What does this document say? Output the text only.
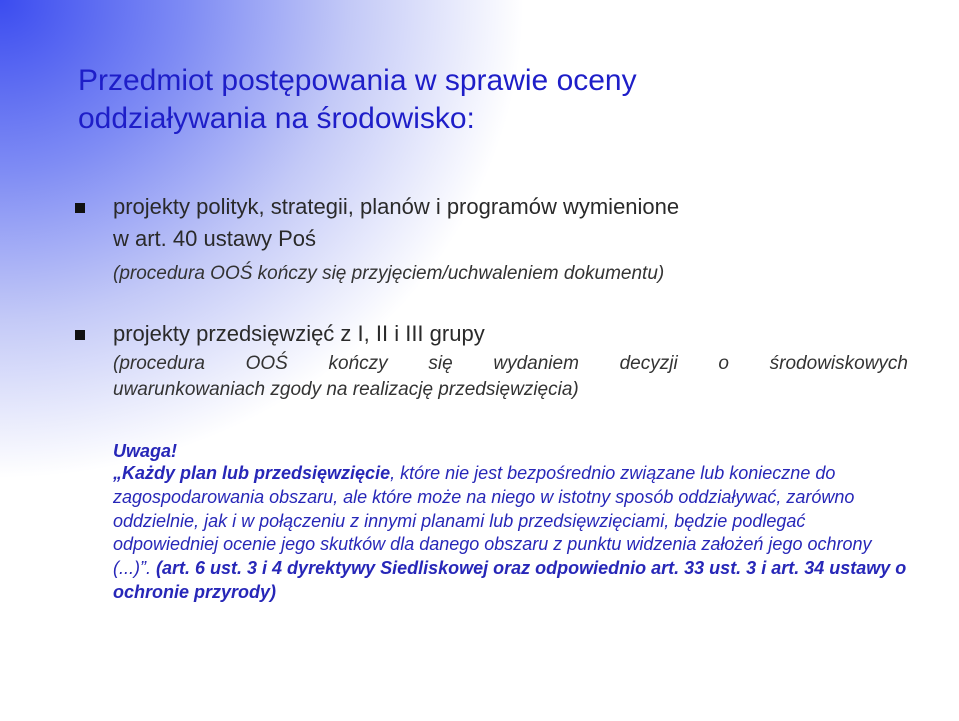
Przedmiot postępowania w sprawie oceny
oddziaływania na środowisko:

projekty polityk, strategii, planów i programów wymienione
w art. 40 ustawy Poś

(procedura OOŚ kończy się przyjęciem/uchwaleniem dokumentu)

projekty przedsięwzięć z I, II i III grupy

(procedura OOŚ kończy się wydaniem decyzji o środowiskowych

uwarunkowaniach zgody na realizację przedsięwzięcia)

Uwaga!

„Każdy plan lub przedsięwzięcie, które nie jest bezpośrednio związane lub konieczne do zagospodarowania obszaru, ale które może na niego w istotny sposób oddziaływać, zarówno oddzielnie, jak i w połączeniu z innymi planami lub przedsięwzięciami, będzie podlegać odpowiedniej ocenie jego skutków dla danego obszaru z punktu widzenia założeń jego ochrony (...)”. (art. 6 ust. 3 i 4 dyrektywy Siedliskowej oraz odpowiednio art. 33 ust. 3 i art. 34 ustawy o ochronie przyrody)
